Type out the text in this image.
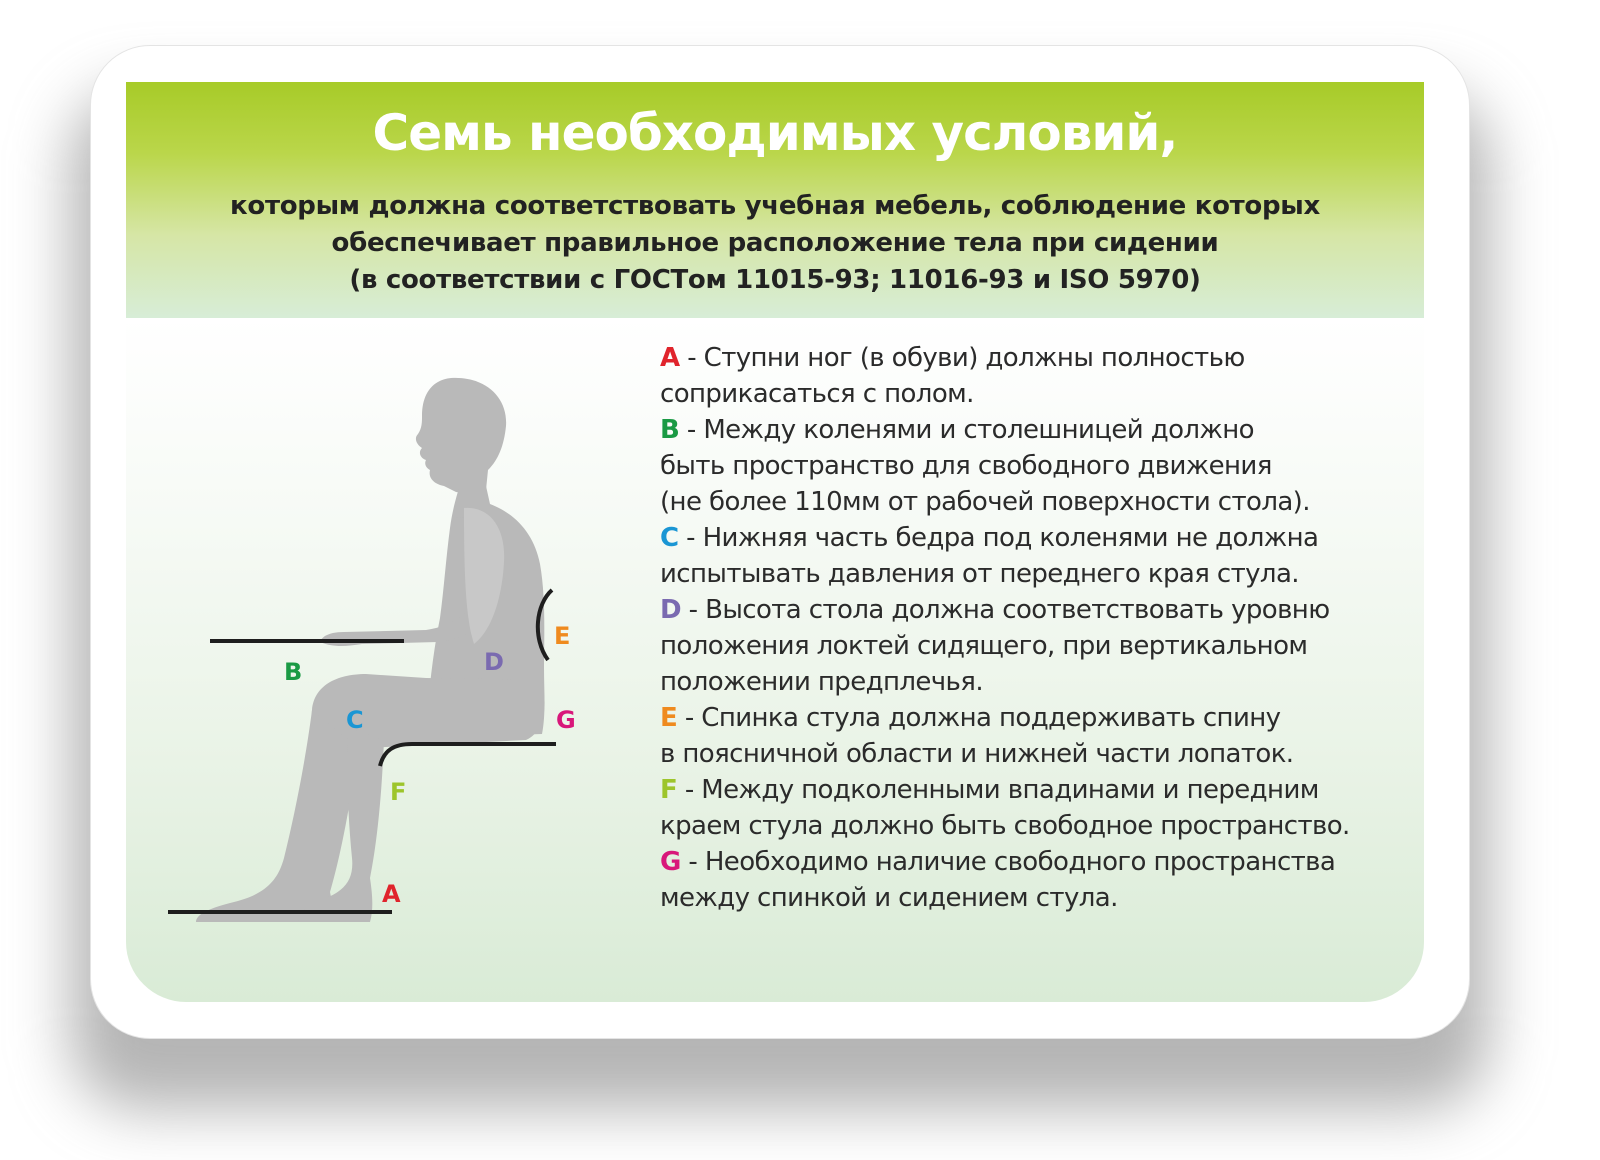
Семь необходимых условий,
которым должна соответствовать учебная мебель, соблюдение которых
обеспечивает правильное расположение тела при сидении
(в соответствии с ГОСТом 11015-93; 11016-93 и ISO 5970)
A
B
C
D
E
F
G
A - Ступни ног (в обуви) должны полностью
соприкасаться с полом.
B - Между коленями и столешницей должно
быть пространство для свободного движения
(не более 110мм от рабочей поверхности стола).
C - Нижняя часть бедра под коленями не должна
испытывать давления от переднего края стула.
D - Высота стола должна соответствовать уровню
положения локтей сидящего, при вертикальном
положении предплечья.
E - Спинка стула должна поддерживать спину
в поясничной области и нижней части лопаток.
F - Между подколенными впадинами и передним
краем стула должно быть свободное пространство.
G - Необходимо наличие свободного пространства
между спинкой и сидением стула.
